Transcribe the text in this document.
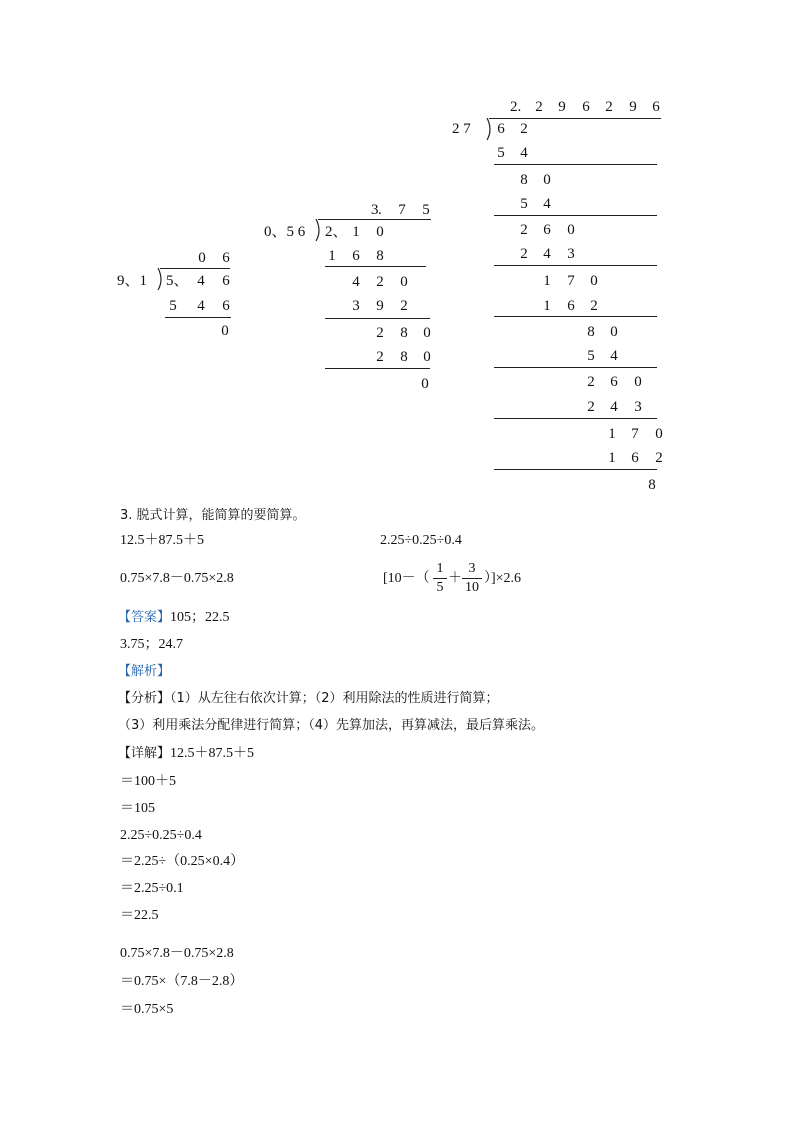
9、1
0 6
5、 4 6
5 4 6
0
0、5 6
3 . 7 5
2、 1 0
1 6 8
4 2 0
3 9 2
2 8 0
2 8 0
0
2 7
2. 2 9 6 2 9 6
6 2
5 4
8 0
5 4
2 6 0
2 4 3
1 7 0
1 6 2
8 0
5 4
2 6 0
2 4 3
1 7 0
1 6 2
8
3. 脱式计算，能简算的要简算。
12.5＋87.5＋5	2.25÷0.25÷0.4
0.75×7.8－0.75×2.8	[10－（
1
5
＋
3
10
）]×2.6
【答案】105；22.5
3.75；24.7
【解析】
【分析】（1）从左往右依次计算；（2）利用除法的性质进行简算；
（3）利用乘法分配律进行简算；（4）先算加法，再算减法，最后算乘法。
【详解】12.5＋87.5＋5
＝100＋5
＝105
2.25÷0.25÷0.4
＝2.25÷（0.25×0.4）
＝2.25÷0.1
＝22.5
0.75×7.8－0.75×2.8
＝0.75×（7.8－2.8）
＝0.75×5
